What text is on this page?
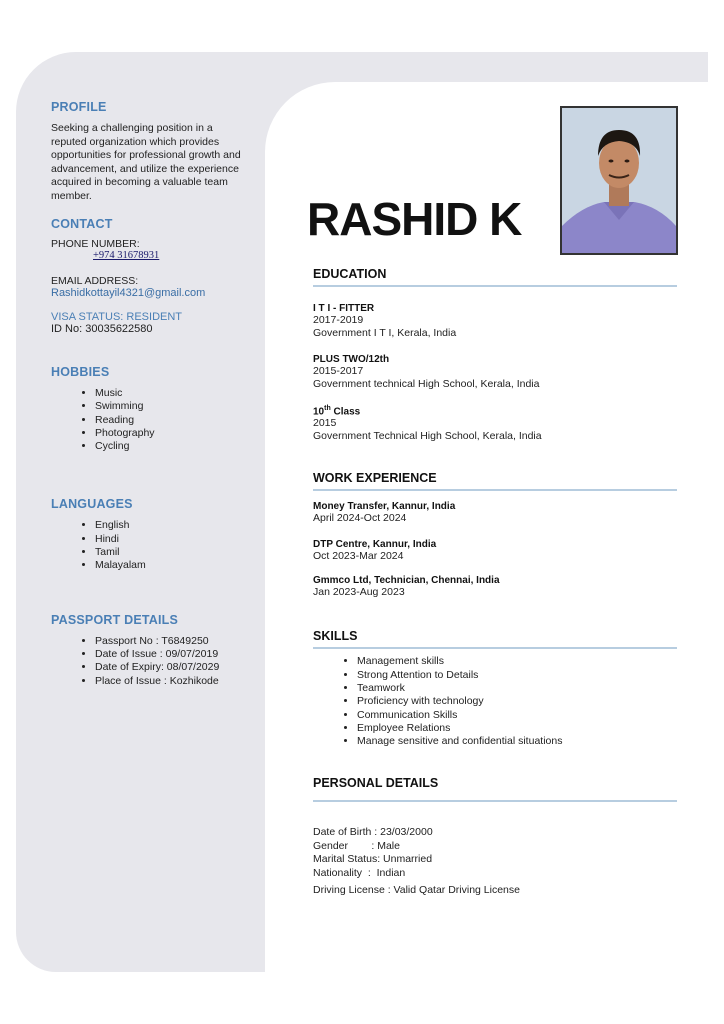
PROFILE
Seeking a challenging position in a reputed organization which provides opportunities for professional growth and advancement, and utilize the experience acquired in becoming a valuable team member.
CONTACT
PHONE NUMBER:
+974 31678931
EMAIL ADDRESS:
Rashidkottayil4321@gmail.com
VISA STATUS: RESIDENT
ID No: 30035622580
HOBBIES
• Music
• Swimming
• Reading
• Photography
• Cycling
LANGUAGES
• English
• Hindi
• Tamil
• Malayalam
PASSPORT DETAILS
• Passport No : T6849250
• Date of Issue : 09/07/2019
• Date of Expiry: 08/07/2029
• Place of Issue : Kozhikode
RASHID K
EDUCATION
I T I - FITTER
2017-2019
Government I T I, Kerala, India
PLUS TWO/12th
2015-2017
Government technical High School, Kerala, India
10th Class
2015
Government Technical High School, Kerala, India
WORK EXPERIENCE
Money Transfer, Kannur, India
April 2024-Oct 2024
DTP Centre, Kannur, India
Oct 2023-Mar 2024
Gmmco Ltd, Technician, Chennai, India
Jan 2023-Aug 2023
SKILLS
• Management skills
• Strong Attention to Details
• Teamwork
• Proficiency with technology
• Communication Skills
• Employee Relations
• Manage sensitive and confidential situations
PERSONAL DETAILS
Date of Birth : 23/03/2000
Gender        : Male
Marital Status: Unmarried
Nationality  :  Indian
Driving License : Valid Qatar Driving License
